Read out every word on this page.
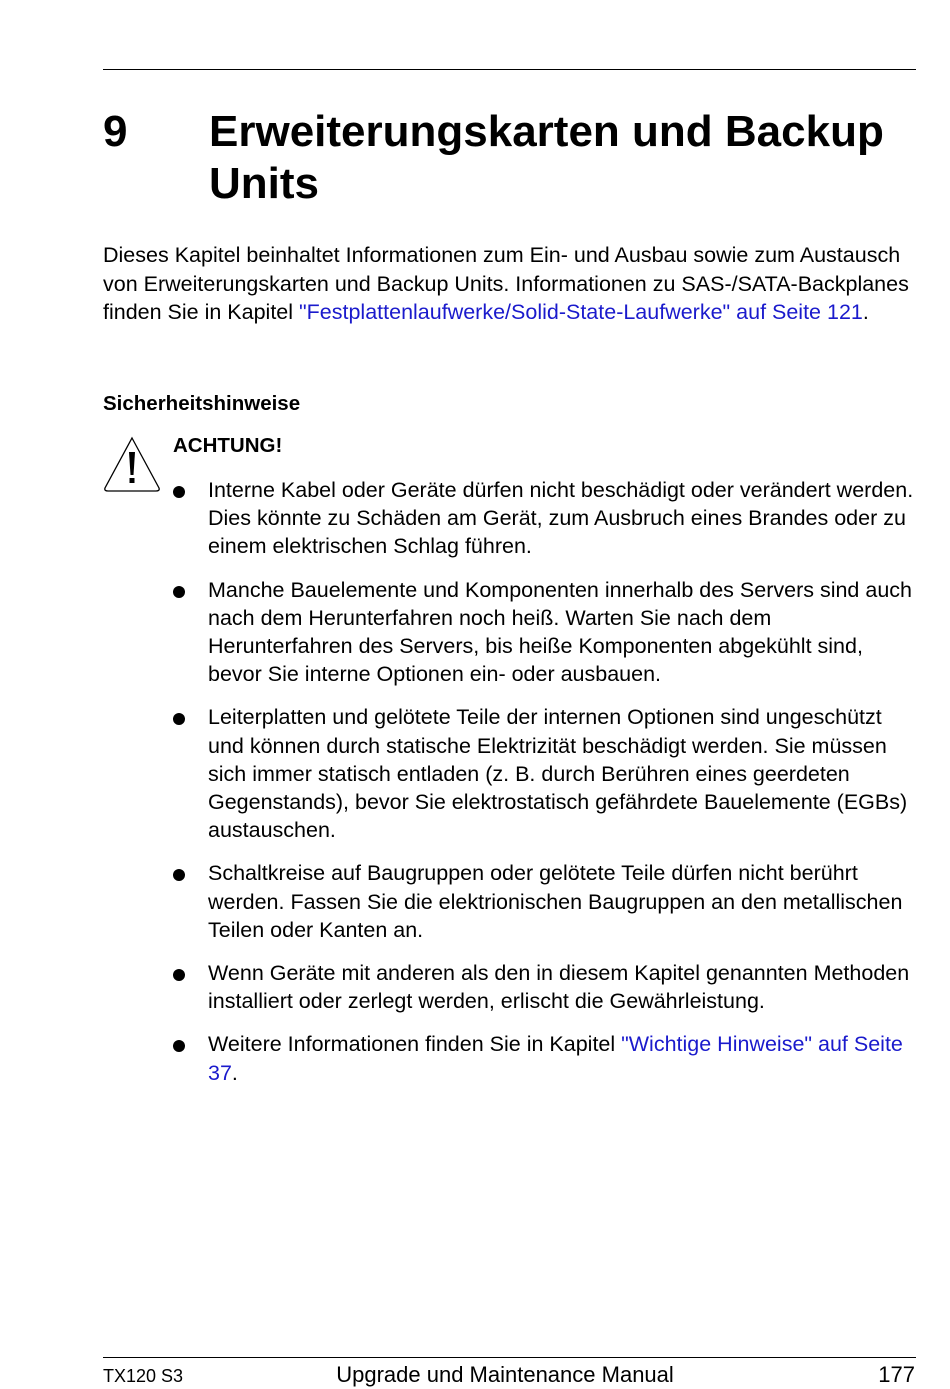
9 Erweiterungskarten und Backup Units

Dieses Kapitel beinhaltet Informationen zum Ein- und Ausbau sowie zum Austausch von Erweiterungskarten und Backup Units. Informationen zu SAS-/SATA-Backplanes finden Sie in Kapitel "Festplattenlaufwerke/Solid-State-Laufwerke" auf Seite 121.

Sicherheitshinweise
ACHTUNG!
Interne Kabel oder Geräte dürfen nicht beschädigt oder verändert werden. Dies könnte zu Schäden am Gerät, zum Ausbruch eines Brandes oder zu einem elektrischen Schlag führen.
Manche Bauelemente und Komponenten innerhalb des Servers sind auch nach dem Herunterfahren noch heiß. Warten Sie nach dem Herunterfahren des Servers, bis heiße Komponenten abgekühlt sind, bevor Sie interne Optionen ein- oder ausbauen.
Leiterplatten und gelötete Teile der internen Optionen sind ungeschützt und können durch statische Elektrizität beschädigt werden. Sie müssen sich immer statisch entladen (z. B. durch Berühren eines geerdeten Gegenstands), bevor Sie elektrostatisch gefährdete Bauelemente (EGBs) austauschen.
Schaltkreise auf Baugruppen oder gelötete Teile dürfen nicht berührt werden. Fassen Sie die elektrionischen Baugruppen an den metallischen Teilen oder Kanten an.
Wenn Geräte mit anderen als den in diesem Kapitel genannten Methoden installiert oder zerlegt werden, erlischt die Gewährleistung.
Weitere Informationen finden Sie in Kapitel "Wichtige Hinweise" auf Seite 37.
TX120 S3	Upgrade und Maintenance Manual	177
